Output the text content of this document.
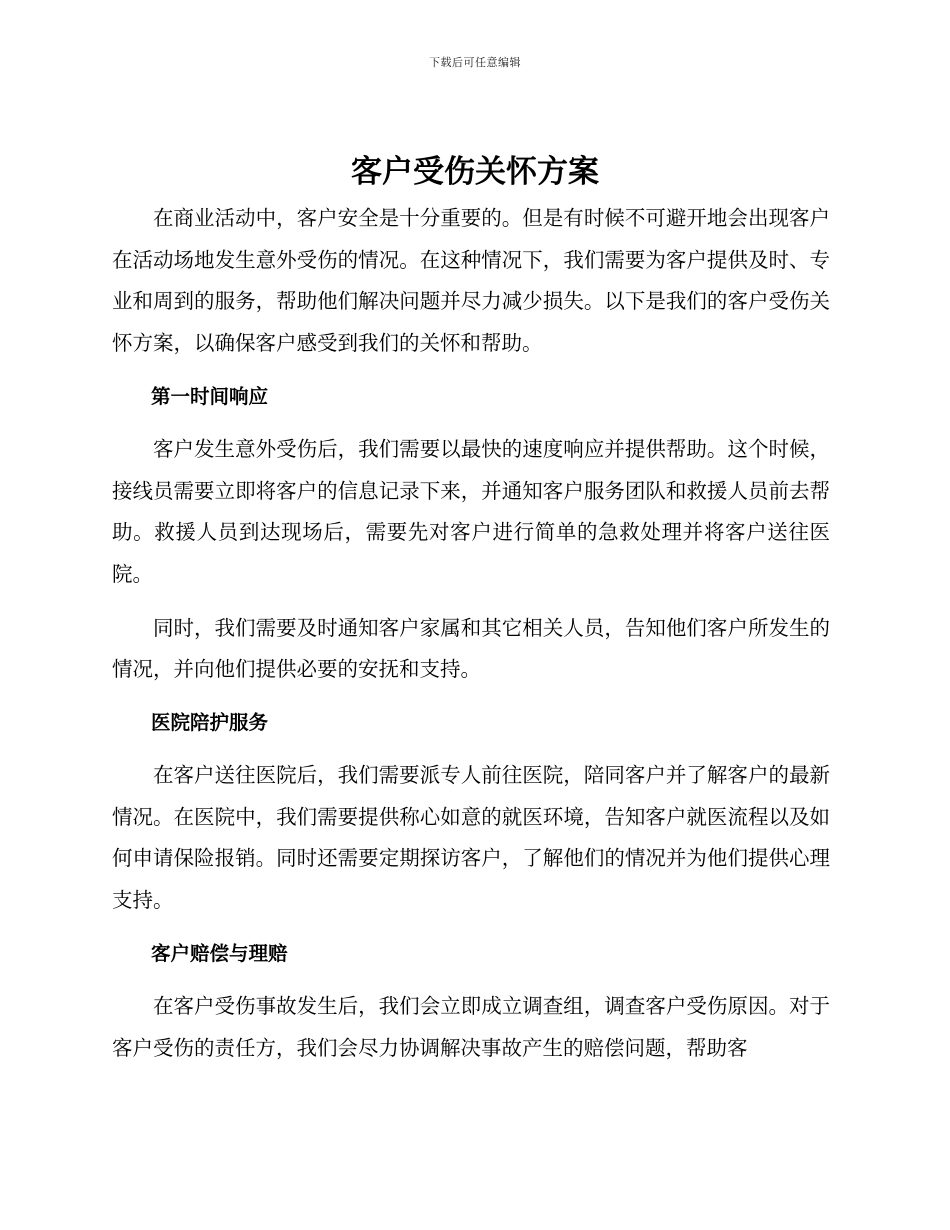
下载后可任意编辑
客户受伤关怀方案

在商业活动中，客户安全是十分重要的。但是有时候不可避开地会出现客户在活动场地发生意外受伤的情况。在这种情况下，我们需要为客户提供及时、专业和周到的服务，帮助他们解决问题并尽力减少损失。以下是我们的客户受伤关怀方案，以确保客户感受到我们的关怀和帮助。

第一时间响应

客户发生意外受伤后，我们需要以最快的速度响应并提供帮助。这个时候，接线员需要立即将客户的信息记录下来，并通知客户服务团队和救援人员前去帮助。救援人员到达现场后，需要先对客户进行简单的急救处理并将客户送往医院。

同时，我们需要及时通知客户家属和其它相关人员，告知他们客户所发生的情况，并向他们提供必要的安抚和支持。

医院陪护服务

在客户送往医院后，我们需要派专人前往医院，陪同客户并了解客户的最新情况。在医院中，我们需要提供称心如意的就医环境，告知客户就医流程以及如何申请保险报销。同时还需要定期探访客户，了解他们的情况并为他们提供心理支持。

客户赔偿与理赔

在客户受伤事故发生后，我们会立即成立调查组，调查客户受伤原因。对于客户受伤的责任方，我们会尽力协调解决事故产生的赔偿问题，帮助客
